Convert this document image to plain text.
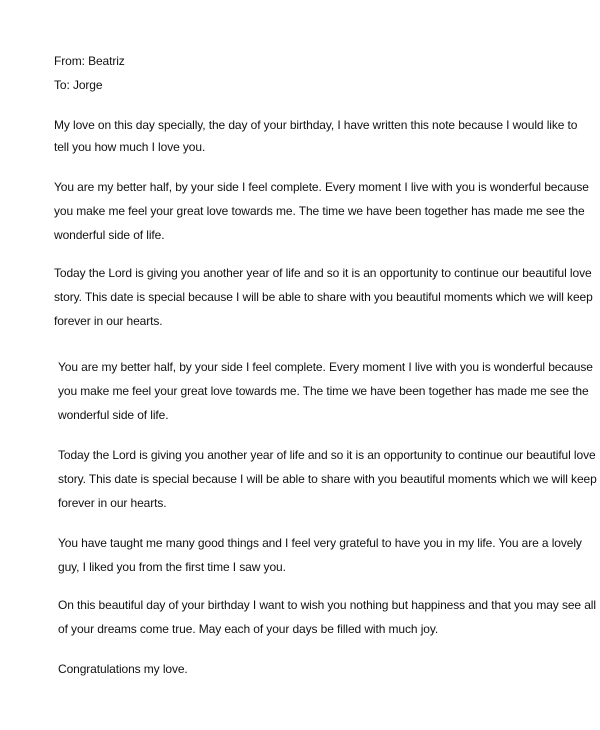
From: Beatriz
To: Jorge
My love on this day specially, the day of your birthday, I have written this note because I would like to
tell you how much I love you.
You are my better half, by your side I feel complete. Every moment I live with you is wonderful because
you make me feel your great love towards me. The time we have been together has made me see the
wonderful side of life.
Today the Lord is giving you another year of life and so it is an opportunity to continue our beautiful love
story. This date is special because I will be able to share with you beautiful moments which we will keep
forever in our hearts.
You are my better half, by your side I feel complete. Every moment I live with you is wonderful because
you make me feel your great love towards me. The time we have been together has made me see the
wonderful side of life.
Today the Lord is giving you another year of life and so it is an opportunity to continue our beautiful love
story. This date is special because I will be able to share with you beautiful moments which we will keep
forever in our hearts.
You have taught me many good things and I feel very grateful to have you in my life. You are a lovely
guy, I liked you from the first time I saw you.
On this beautiful day of your birthday I want to wish you nothing but happiness and that you may see all
of your dreams come true. May each of your days be filled with much joy.
Congratulations my love.
